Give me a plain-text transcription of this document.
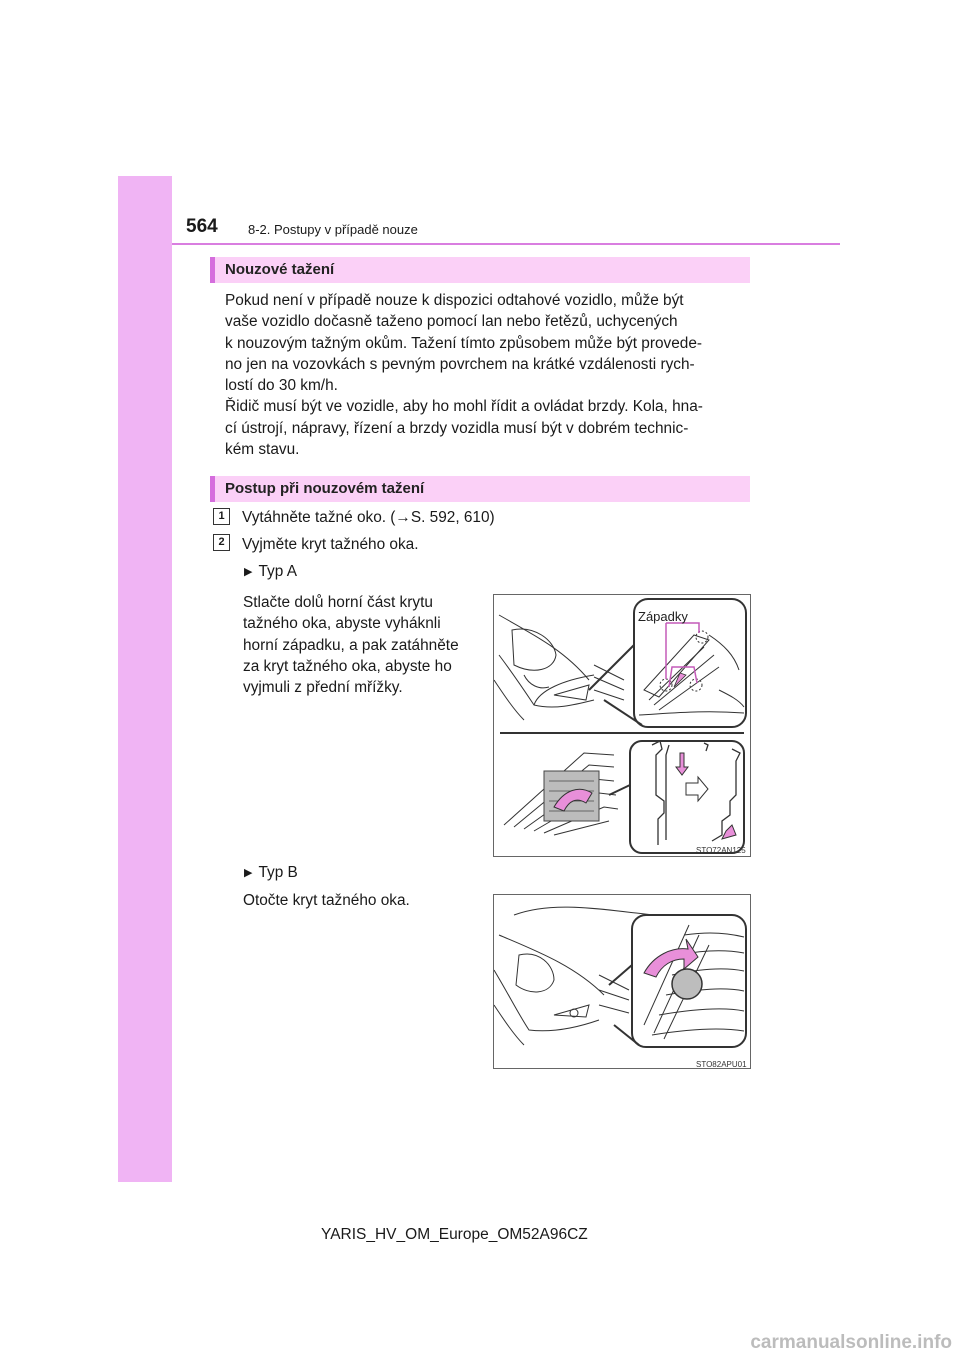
564 8-2. Postupy v případě nouze
Nouzové tažení

Pokud není v případě nouze k dispozici odtahové vozidlo, může být
vaše vozidlo dočasně taženo pomocí lan nebo řetězů, uchycených
k nouzovým tažným okům. Tažení tímto způsobem může být provede-
no jen na vozovkách s pevným povrchem na krátké vzdálenosti rych-
lostí do 30 km/h.
Řidič musí být ve vozidle, aby ho mohl řídit a ovládat brzdy. Kola, hna-
cí ústrojí, nápravy, řízení a brzdy vozidla musí být v dobrém technic-
kém stavu.

Postup při nouzovém tažení
1	Vytáhněte tažné oko. (→S. 592, 610)
2	Vyjměte kryt tažného oka.
▶ Typ A

Stlačte dolů horní část krytu
tažného oka, abyste vyháknli
horní západku, a pak zatáhněte
za kryt tažného oka, abyste ho
vyjmuli z přední mřížky.

Západky
STO72AN125
▶ Typ B
Otočte kryt tažného oka.
STO82APU01
YARIS_HV_OM_Europe_OM52A96CZ
carmanualsonline.info
